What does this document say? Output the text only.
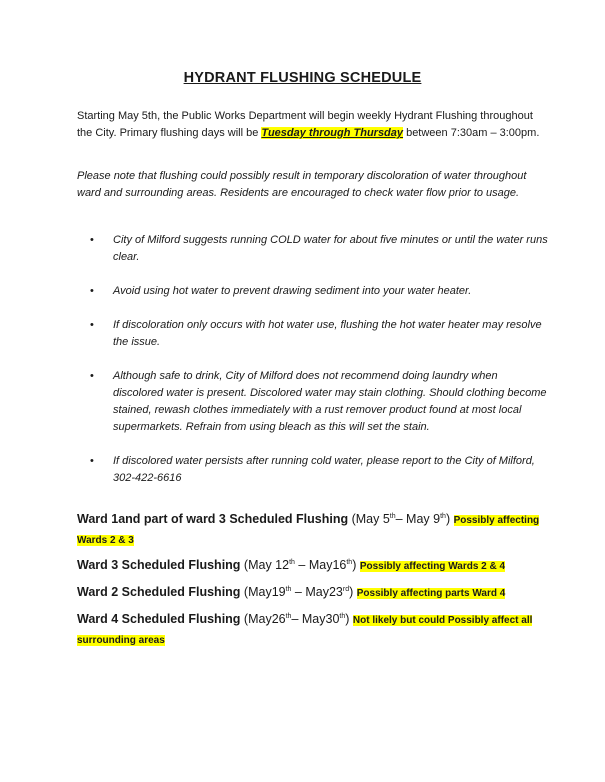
HYDRANT FLUSHING SCHEDULE
Starting May 5th, the Public Works Department will begin weekly Hydrant Flushing throughout the City. Primary flushing days will be Tuesday through Thursday between 7:30am – 3:00pm.
Please note that flushing could possibly result in temporary discoloration of water throughout ward and surrounding areas. Residents are encouraged to check water flow prior to usage.
• City of Milford suggests running COLD water for about five minutes or until the water runs clear.
• Avoid using hot water to prevent drawing sediment into your water heater.
• If discoloration only occurs with hot water use, flushing the hot water heater may resolve the issue.
• Although safe to drink, City of Milford does not recommend doing laundry when discolored water is present. Discolored water may stain clothing. Should clothing become stained, rewash clothes immediately with a rust remover product found at most local supermarkets. Refrain from using bleach as this will set the stain.
• If discolored water persists after running cold water, please report to the City of Milford, 302-422-6616
Ward 1and part of ward 3 Scheduled Flushing (May 5th– May 9th) Possibly affecting Wards 2 & 3
Ward 3 Scheduled Flushing (May 12th – May16th) Possibly affecting Wards 2 & 4
Ward 2 Scheduled Flushing (May19th – May23rd) Possibly affecting parts Ward 4
Ward 4 Scheduled Flushing (May26th– May30th) Not likely but could Possibly affect all surrounding areas
